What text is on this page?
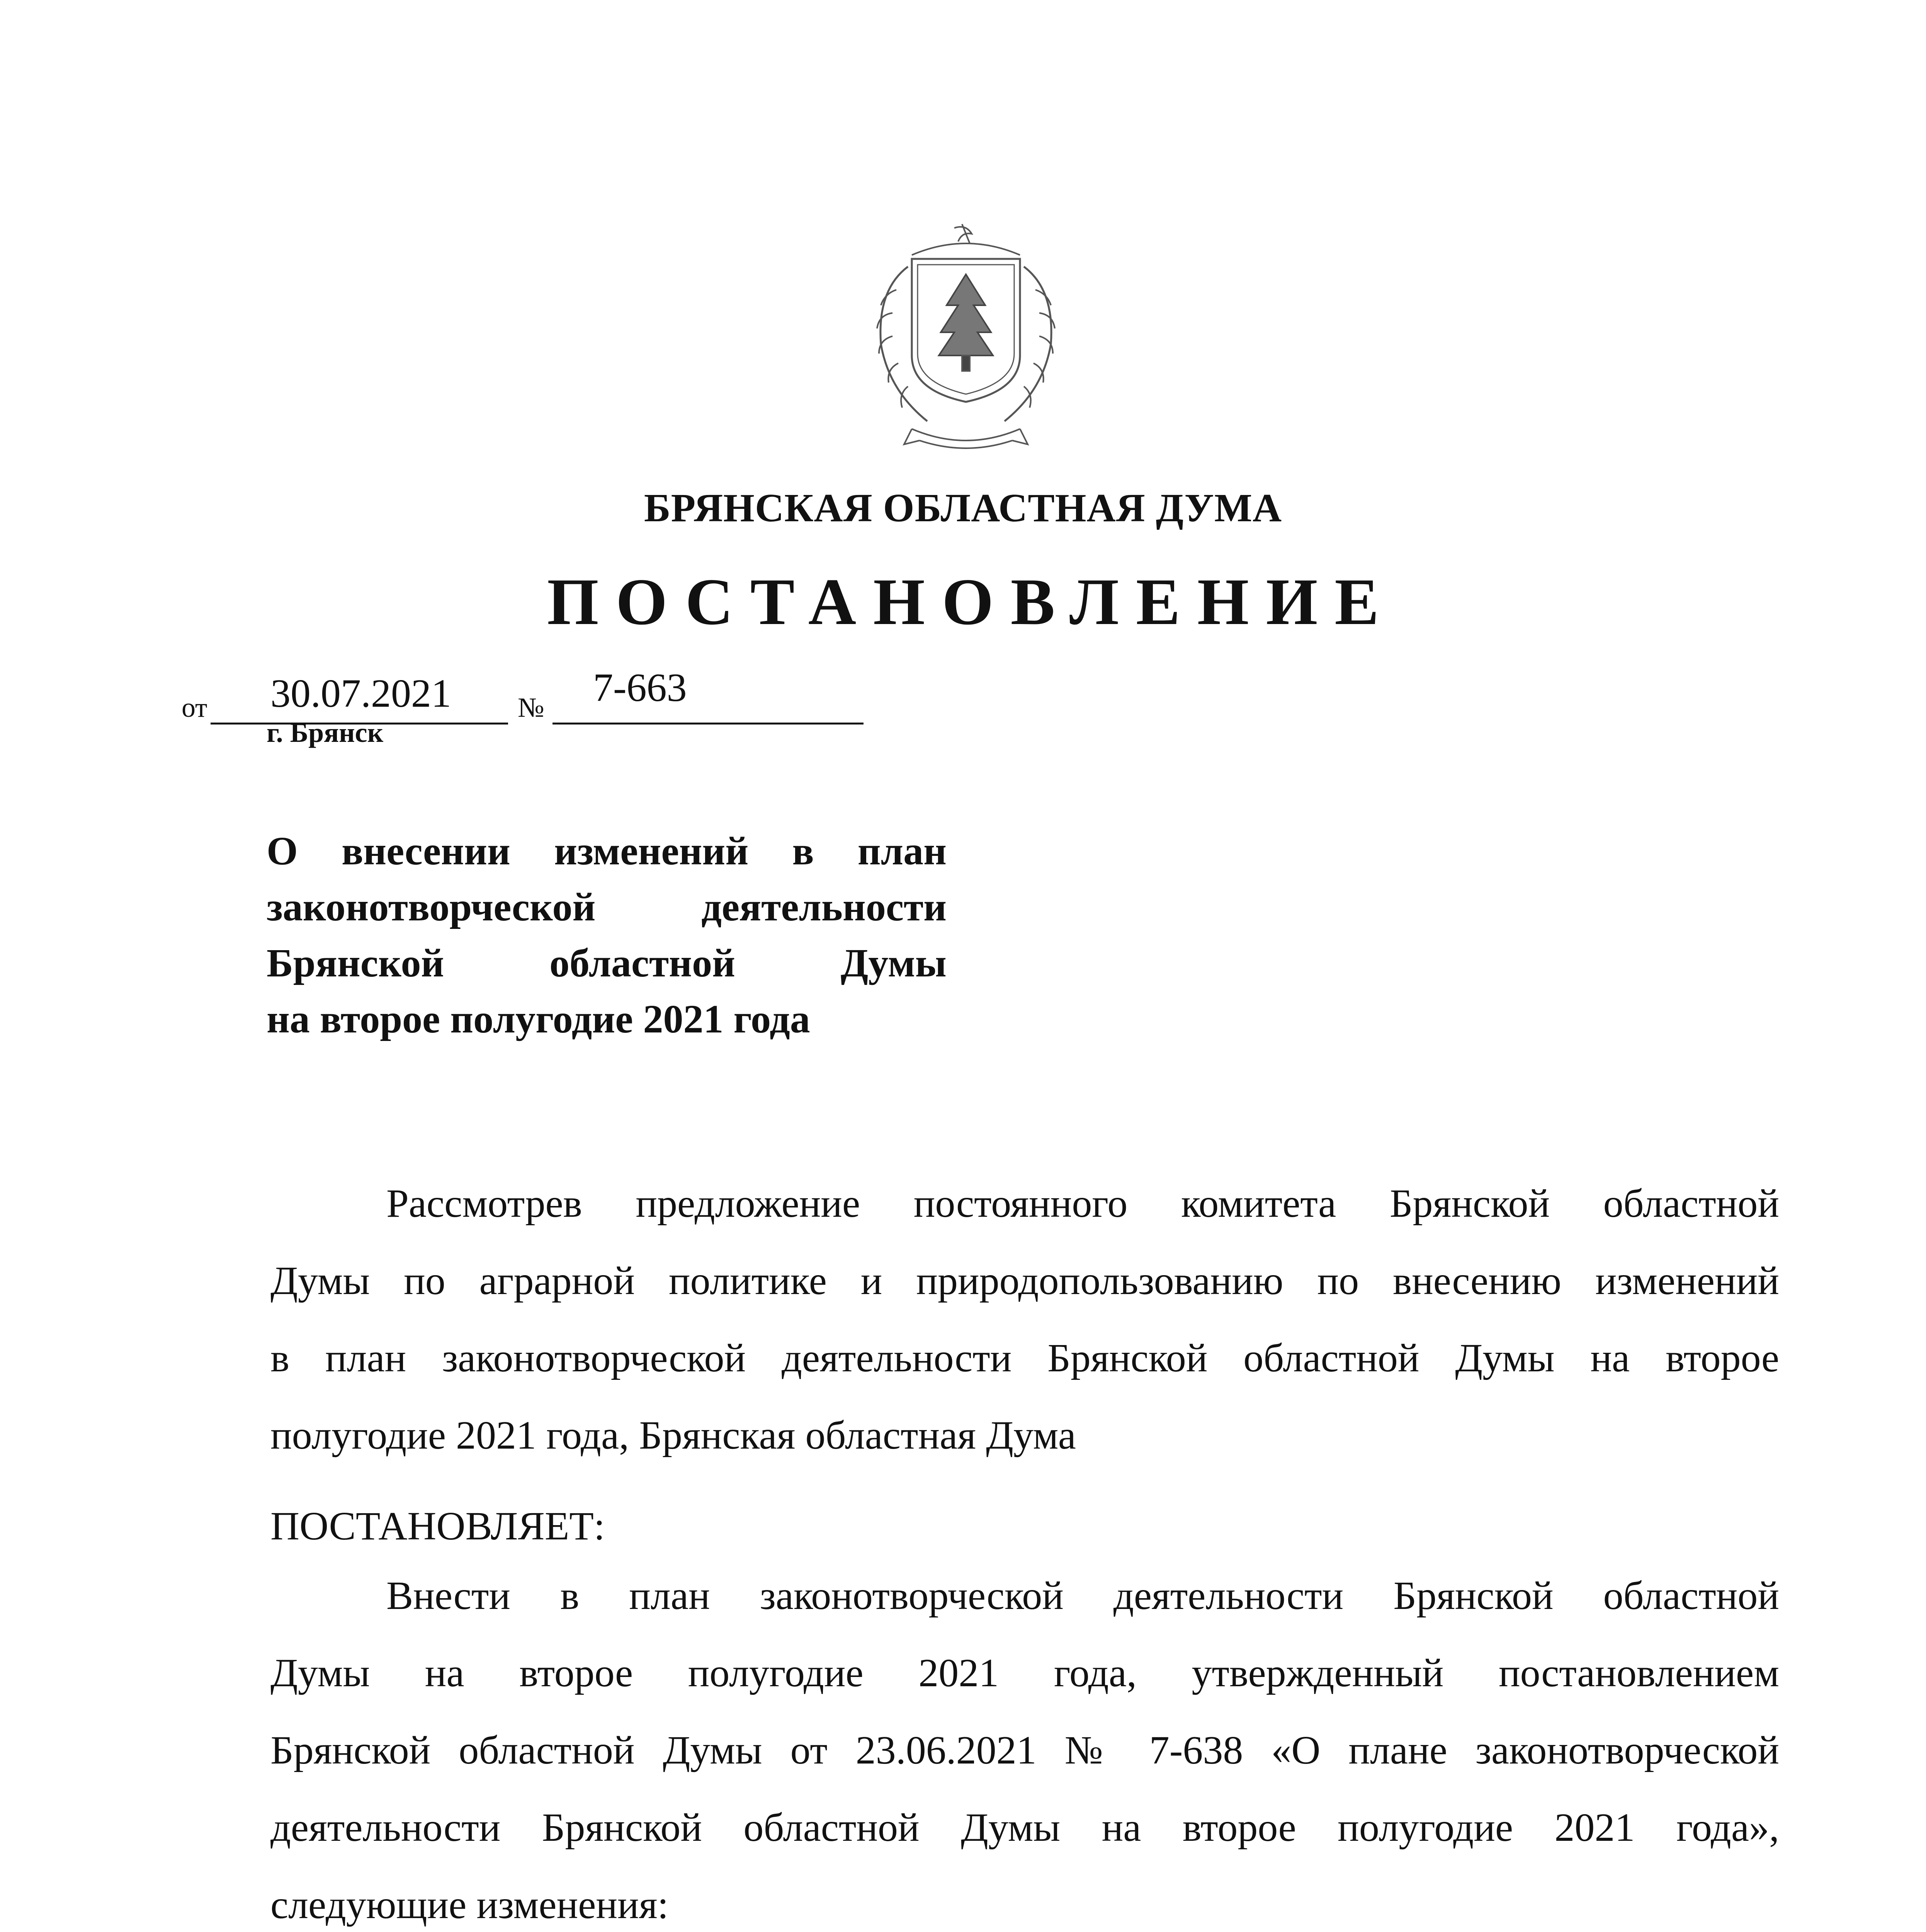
БРЯНСКАЯ ОБЛАСТНАЯ ДУМА
ПОСТАНОВЛЕНИЕ
от 30.07.2021 № 7-663
г. Брянск
О внесении изменений в план
законотворческой деятельности
Брянской областной Думы
на второе полугодие 2021 года
Рассмотрев предложение постоянного комитета Брянской областной
Думы по аграрной политике и природопользованию по внесению изменений
в план законотворческой деятельности Брянской областной Думы на второе
полугодие 2021 года, Брянская областная Дума
ПОСТАНОВЛЯЕТ:
Внести в план законотворческой деятельности Брянской областной
Думы на второе полугодие 2021 года, утвержденный постановлением
Брянской областной Думы от 23.06.2021 № 7-638 «О плане законотворческой
деятельности Брянской областной Думы на второе полугодие 2021 года»,
следующие изменения:
